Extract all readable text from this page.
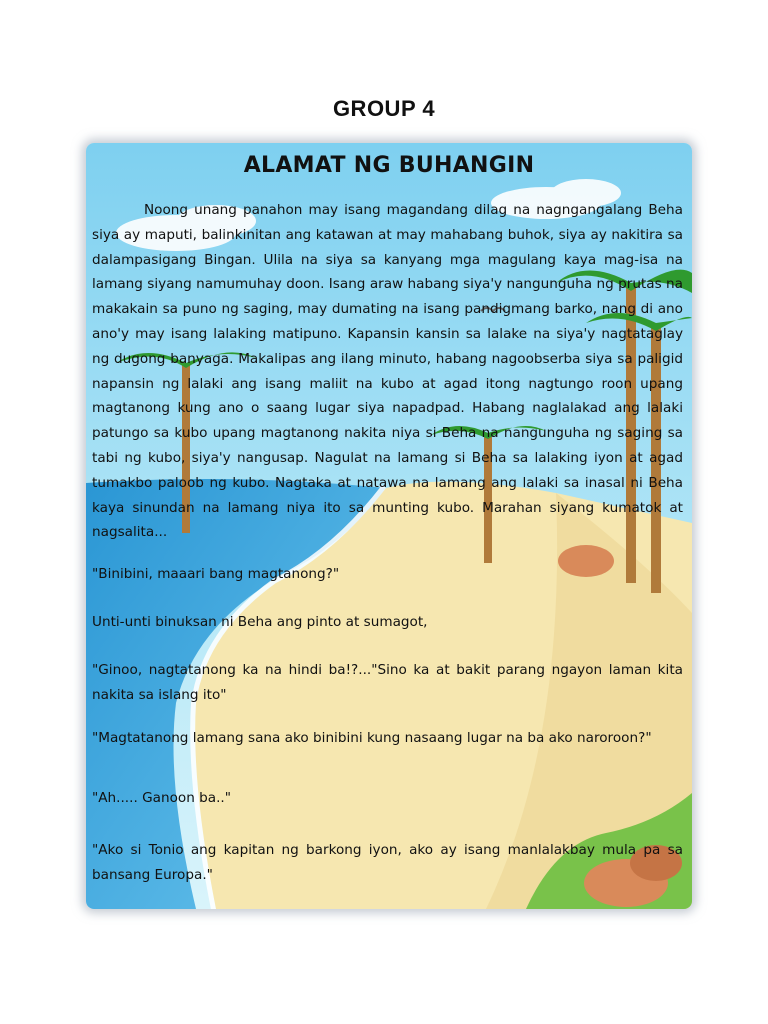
GROUP 4
ALAMAT NG BUHANGIN
Noong unang panahon may isang magandang dilag na nagngangalang Beha siya ay maputi, balinkinitan ang katawan at may mahabang buhok, siya ay nakitira sa dalampasigang Bingan. Ulila na siya sa kanyang mga magulang kaya mag-isa na lamang siyang namumuhay doon. Isang araw habang siya'y nangunguha ng prutas na makakain sa puno ng saging, may dumating na isang pandigmang barko, nang di ano ano'y may isang lalaking matipuno. Kapansin kansin sa lalake na siya'y nagtataglay ng dugong banyaga. Makalipas ang ilang minuto, habang nagoobserba siya sa paligid napansin ng lalaki ang isang maliit na kubo at agad itong nagtungo roon upang magtanong kung ano o saang lugar siya napadpad. Habang naglalakad ang lalaki patungo sa kubo upang magtanong nakita niya si Beha na nangunguha ng saging sa tabi ng kubo, siya'y nangusap. Nagulat na lamang si Beha sa lalaking iyon at agad tumakbo paloob ng kubo. Nagtaka at natawa na lamang ang lalaki sa inasal ni Beha kaya sinundan na lamang niya ito sa munting kubo. Marahan siyang kumatok at nagsalita...
"Binibini, maaari bang magtanong?"
Unti-unti binuksan ni Beha ang pinto at sumagot,
"Ginoo, nagtatanong ka na hindi ba!?..."Sino ka at bakit parang ngayon laman kita nakita sa islang ito"
"Magtatanong lamang sana ako binibini kung nasaang lugar na ba ako naroroon?"
"Ah..... Ganoon ba.."
"Ako si Tonio ang kapitan ng barkong iyon, ako ay isang manlalakbay mula pa sa bansang Europa."
